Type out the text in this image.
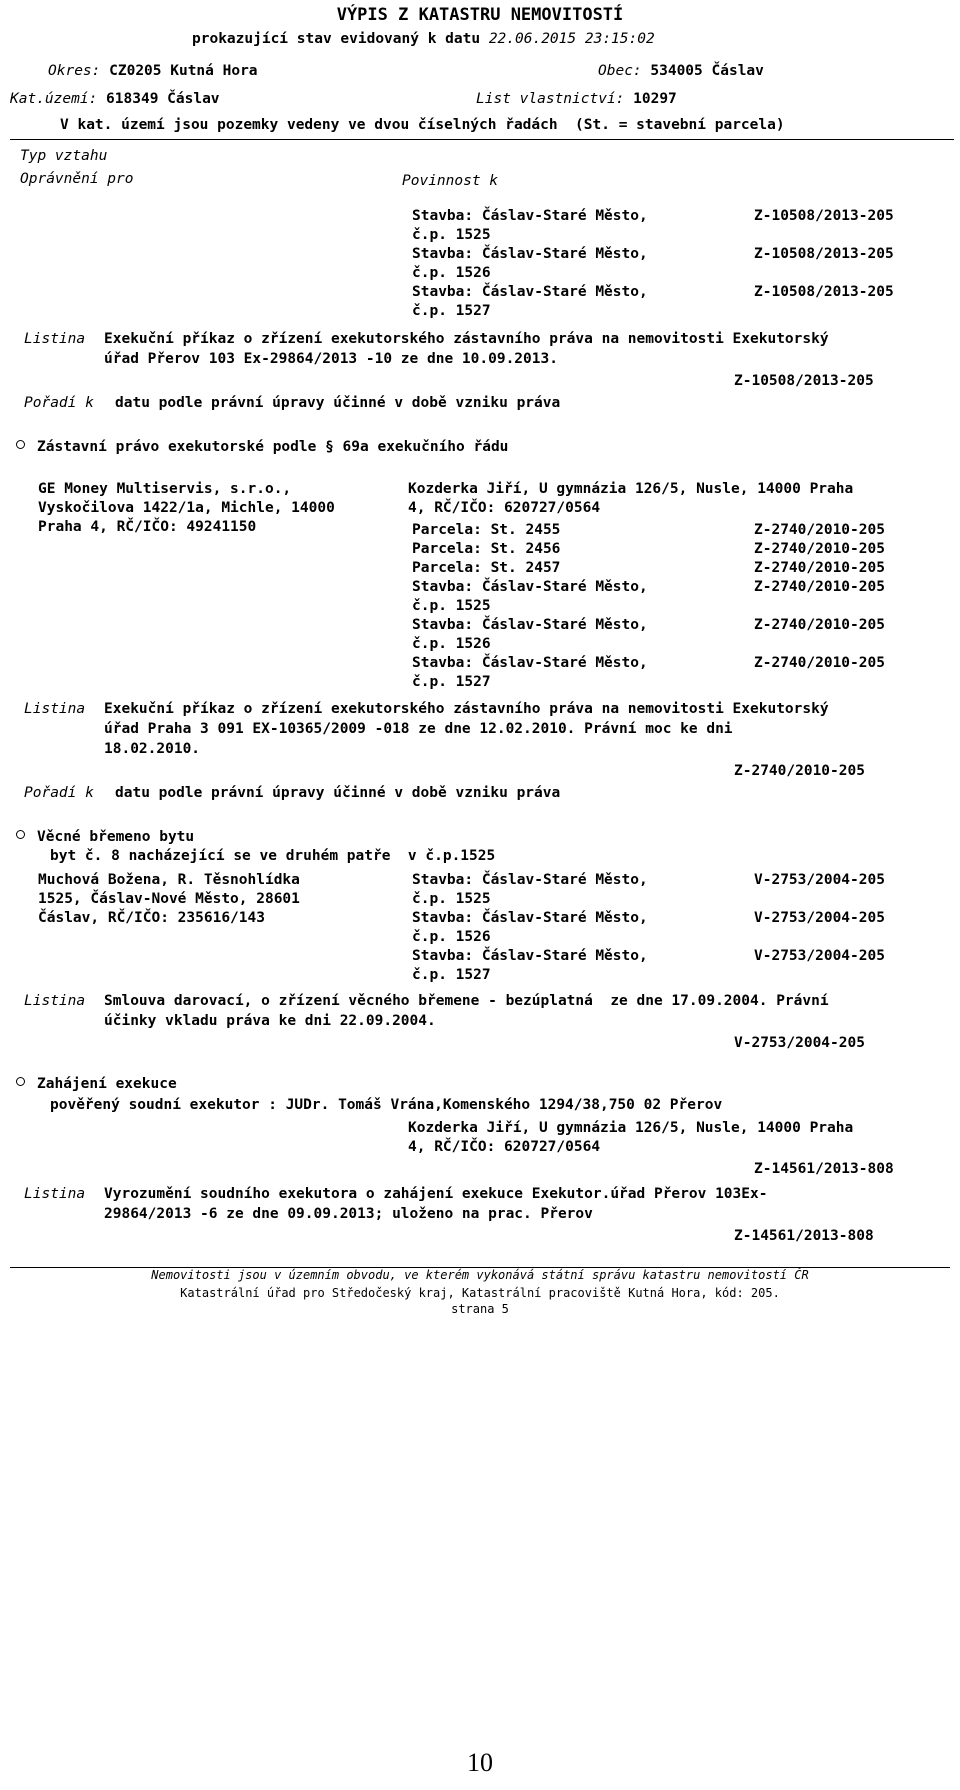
VÝPIS Z KATASTRU NEMOVITOSTÍ
prokazující stav evidovaný k datu 22.06.2015 23:15:02
Okres: CZ0205 Kutná Hora	Obec: 534005 Čáslav
Kat.území: 618349 Čáslav	List vlastnictví: 10297
V kat. území jsou pozemky vedeny ve dvou číselných řadách  (St. = stavební parcela)
Typ vztahu
Oprávnění pro	Povinnost k
Stavba: Čáslav-Staré Město,	Z-10508/2013-205
č.p. 1525
Stavba: Čáslav-Staré Město,	Z-10508/2013-205
č.p. 1526
Stavba: Čáslav-Staré Město,	Z-10508/2013-205
č.p. 1527
Listina Exekuční příkaz o zřízení exekutorského zástavního práva na nemovitosti Exekutorský
úřad Přerov 103 Ex-29864/2013 -10 ze dne 10.09.2013.
Z-10508/2013-205
Pořadí k datu podle právní úpravy účinné v době vzniku práva
Zástavní právo exekutorské podle § 69a exekučního řádu
GE Money Multiservis, s.r.o.,
Vyskočilova 1422/1a, Michle, 14000
Praha 4, RČ/IČO: 49241150
Kozderka Jiří, U gymnázia 126/5, Nusle, 14000 Praha
4, RČ/IČO: 620727/0564
Parcela: St. 2455	Z-2740/2010-205
Parcela: St. 2456	Z-2740/2010-205
Parcela: St. 2457	Z-2740/2010-205
Stavba: Čáslav-Staré Město,	Z-2740/2010-205
č.p. 1525
Stavba: Čáslav-Staré Město,	Z-2740/2010-205
č.p. 1526
Stavba: Čáslav-Staré Město,	Z-2740/2010-205
č.p. 1527
Listina Exekuční příkaz o zřízení exekutorského zástavního práva na nemovitosti Exekutorský
úřad Praha 3 091 EX-10365/2009 -018 ze dne 12.02.2010. Právní moc ke dni
18.02.2010.
Z-2740/2010-205
Pořadí k datu podle právní úpravy účinné v době vzniku práva
Věcné břemeno bytu
byt č. 8 nacházející se ve druhém patře  v č.p.1525
Muchová Božena, R. Těsnohlídka
1525, Čáslav-Nové Město, 28601
Čáslav, RČ/IČO: 235616/143
Stavba: Čáslav-Staré Město,	V-2753/2004-205
č.p. 1525
Stavba: Čáslav-Staré Město,	V-2753/2004-205
č.p. 1526
Stavba: Čáslav-Staré Město,	V-2753/2004-205
č.p. 1527
Listina Smlouva darovací, o zřízení věcného břemene - bezúplatná  ze dne 17.09.2004. Právní
účinky vkladu práva ke dni 22.09.2004.
V-2753/2004-205
Zahájení exekuce
pověřený soudní exekutor : JUDr. Tomáš Vrána,Komenského 1294/38,750 02 Přerov
Kozderka Jiří, U gymnázia 126/5, Nusle, 14000 Praha
4, RČ/IČO: 620727/0564
Z-14561/2013-808
Listina Vyrozumění soudního exekutora o zahájení exekuce Exekutor.úřad Přerov 103Ex-
29864/2013 -6 ze dne 09.09.2013; uloženo na prac. Přerov
Z-14561/2013-808
Nemovitosti jsou v územním obvodu, ve kterém vykonává státní správu katastru nemovitostí ČR
Katastrální úřad pro Středočeský kraj, Katastrální pracoviště Kutná Hora, kód: 205.
strana 5
10
